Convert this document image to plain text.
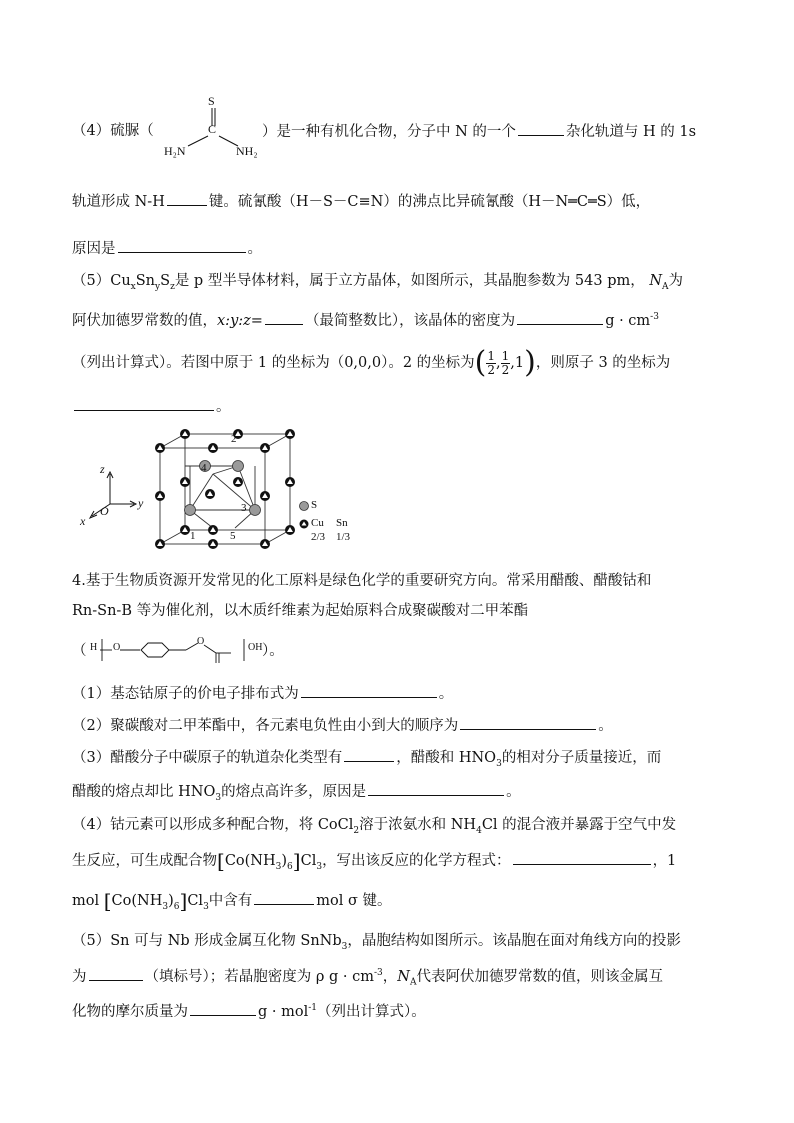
（4）硫脲（
S
C
H₂N	NH₂
）是一种有机化合物，分子中 N 的一个	杂化轨道与 H 的 1s
轨道形成 N-H	键。硫氰酸（H－S－C≡N）的沸点比异硫氰酸（H－N═C═S）低，
原因是	。
$(5)Cu_xSn_yS_z$是 p 型半导体材料，属于立方晶体，如图所示，其晶胞参数为 543 pm， $N_A$为
阿伏加德罗常数的值，x:y:z=	（最简整数比），该晶体的密度为	$g \cdot cm^{-3}$
（列出计算式）。若图中原于 1 的坐标为（0,0,0）。2 的坐标为( $\frac{1}{2}$ , $\frac{1}{2} ,1$)，则原子 3 的坐标为
。
z
y
x
O
2
4
3
1	5
S
Cu Sn
2/3 1/3
4.基于生物质资源开发常见的化工原料是绿色化学的重要研究方向。常采用醋酸、醋酸钴和
Rn-Sn-B 等为催化剂，以木质纤维素为起始原料合成聚碳酸对二甲苯酯
（ H O
O
OH ）。
（1）基态钴原子的价电子排布式为	。
（2）聚碳酸对二甲苯酯中，各元素电负性由小到大的顺序为	。
（3）醋酸分子中碳原子的轨道杂化类型有	，醋酸和 $HNO_3$的相对分子质量接近，而
醋酸的熔点却比 $HNO_3$的熔点高许多，原因是	。
（4）钴元素可以形成多种配合物，将 CoCl$_2$溶于浓氨水和 $NH_4Cl$ 的混合液并暴露于空气中发
生反应，可生成配合物$[Co(NH_3)_6]Cl_3$，写出该反应的化学方程式：	，1
mol $[Co(NH_3)_6]Cl_3$中含有	mol σ 键。
（5）Sn 可与 Nb 形成金属互化物 SnNb$_3$，晶胞结构如图所示。该晶胞在面对角线方向的投影
为	（填标号）；若晶胞密度为 ρ $g \cdot cm^{-3}$，$N_A$代表阿伏加德罗常数的值，则该金属互
化物的摩尔质量为	g · mol$^{-1}$（列出计算式）。
